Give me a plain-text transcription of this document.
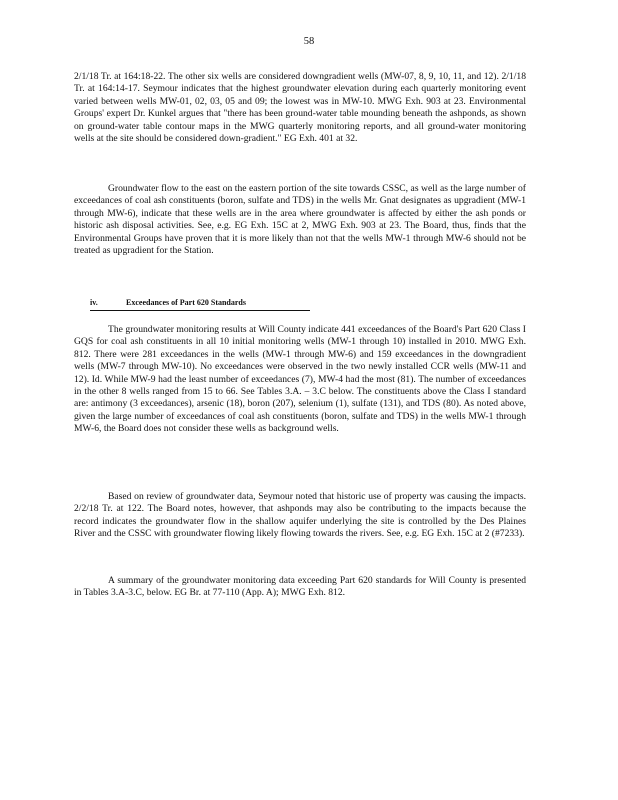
58

2/1/18 Tr. at 164:18-22. The other six wells are considered downgradient wells (MW-07, 8, 9, 10, 11, and 12). 2/1/18 Tr. at 164:14-17. Seymour indicates that the highest groundwater elevation during each quarterly monitoring event varied between wells MW-01, 02, 03, 05 and 09; the lowest was in MW-10. MWG Exh. 903 at 23. Environmental Groups' expert Dr. Kunkel argues that "there has been ground-water table mounding beneath the ashponds, as shown on ground-water table contour maps in the MWG quarterly monitoring reports, and all ground-water monitoring wells at the site should be considered down-gradient." EG Exh. 401 at 32.

Groundwater flow to the east on the eastern portion of the site towards CSSC, as well as the large number of exceedances of coal ash constituents (boron, sulfate and TDS) in the wells Mr. Gnat designates as upgradient (MW-1 through MW-6), indicate that these wells are in the area where groundwater is affected by either the ash ponds or historic ash disposal activities. See, e.g. EG Exh. 15C at 2, MWG Exh. 903 at 23. The Board, thus, finds that the Environmental Groups have proven that it is more likely than not that the wells MW-1 through MW-6 should not be treated as upgradient for the Station.

iv.	Exceedances of Part 620 Standards

The groundwater monitoring results at Will County indicate 441 exceedances of the Board's Part 620 Class I GQS for coal ash constituents in all 10 initial monitoring wells (MW-1 through 10) installed in 2010. MWG Exh. 812. There were 281 exceedances in the wells (MW-1 through MW-6) and 159 exceedances in the downgradient wells (MW-7 through MW-10). No exceedances were observed in the two newly installed CCR wells (MW-11 and 12). Id. While MW-9 had the least number of exceedances (7), MW-4 had the most (81). The number of exceedances in the other 8 wells ranged from 15 to 66. See Tables 3.A. – 3.C below. The constituents above the Class I standard are: antimony (3 exceedances), arsenic (18), boron (207), selenium (1), sulfate (131), and TDS (80). As noted above, given the large number of exceedances of coal ash constituents (boron, sulfate and TDS) in the wells MW-1 through MW-6, the Board does not consider these wells as background wells.

Based on review of groundwater data, Seymour noted that historic use of property was causing the impacts. 2/2/18 Tr. at 122. The Board notes, however, that ashponds may also be contributing to the impacts because the record indicates the groundwater flow in the shallow aquifer underlying the site is controlled by the Des Plaines River and the CSSC with groundwater flowing likely flowing towards the rivers. See, e.g. EG Exh. 15C at 2 (#7233).

A summary of the groundwater monitoring data exceeding Part 620 standards for Will County is presented in Tables 3.A-3.C, below. EG Br. at 77-110 (App. A); MWG Exh. 812.
